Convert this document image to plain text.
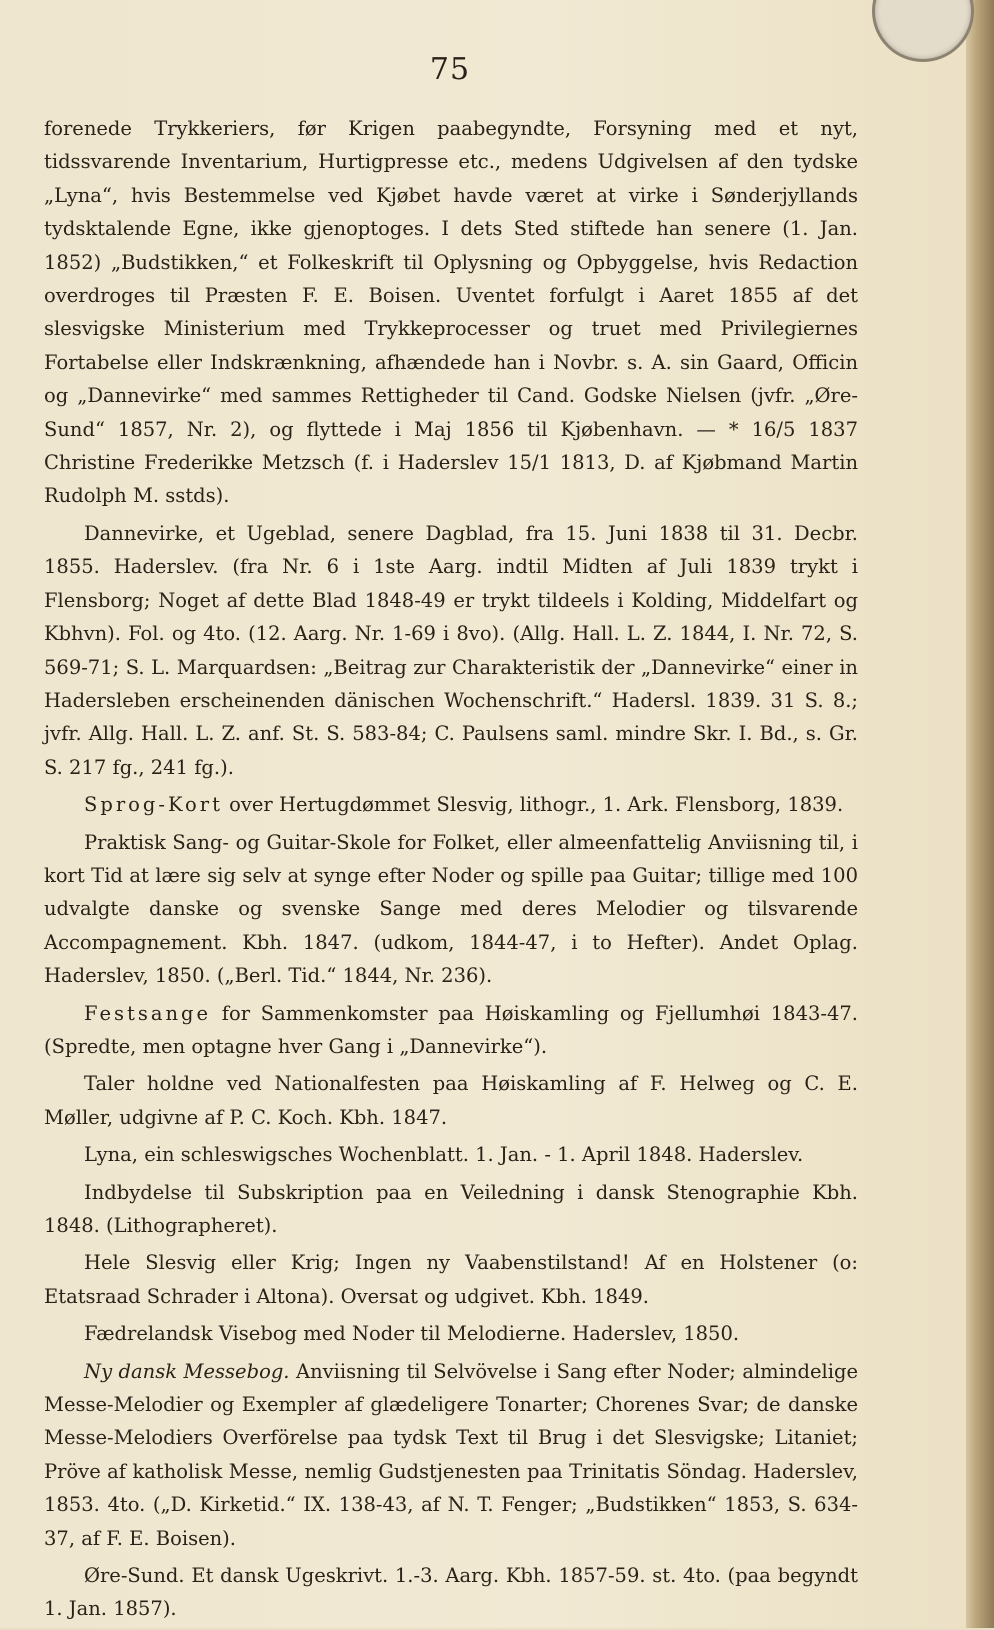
75

forenede Trykkeriers, før Krigen paabegyndte, Forsyning med et nyt, tidssvarende Inventarium, Hurtigpresse etc., medens Udgivelsen af den tydske „Lyna“, hvis Bestemmelse ved Kjøbet havde været at virke i Sønderjyllands tydsktalende Egne, ikke gjenoptoges. I dets Sted stiftede han senere (1. Jan. 1852) „Budstikken,“ et Folkeskrift til Oplysning og Opbyggelse, hvis Redaction overdroges til Præsten F. E. Boisen. Uventet forfulgt i Aaret 1855 af det slesvigske Ministerium med Trykkeprocesser og truet med Privilegiernes Fortabelse eller Indskrænkning, afhændede han i Novbr. s. A. sin Gaard, Officin og „Dannevirke“ med sammes Rettigheder til Cand. Godske Nielsen (jvfr. „Øre-Sund“ 1857, Nr. 2), og flyttede i Maj 1856 til Kjøbenhavn. — * 16/5 1837 Christine Frederikke Metzsch (f. i Haderslev 15/1 1813, D. af Kjøbmand Martin Rudolph M. sstds).

Dannevirke, et Ugeblad, senere Dagblad, fra 15. Juni 1838 til 31. Decbr. 1855. Haderslev. (fra Nr. 6 i 1ste Aarg. indtil Midten af Juli 1839 trykt i Flensborg; Noget af dette Blad 1848-49 er trykt tildeels i Kolding, Middelfart og Kbhvn). Fol. og 4to. (12. Aarg. Nr. 1-69 i 8vo). (Allg. Hall. L. Z. 1844, I. Nr. 72, S. 569-71; S. L. Marquardsen: „Beitrag zur Charakteristik der „Dannevirke“ einer in Hadersleben erscheinenden dänischen Wochenschrift.“ Hadersl. 1839. 31 S. 8.; jvfr. Allg. Hall. L. Z. anf. St. S. 583-84; C. Paulsens saml. mindre Skr. I. Bd., s. Gr. S. 217 fg., 241 fg.).

Sprog-Kort over Hertugdømmet Slesvig, lithogr., 1. Ark. Flensborg, 1839.

Praktisk Sang- og Guitar-Skole for Folket, eller almeenfattelig Anviisning til, i kort Tid at lære sig selv at synge efter Noder og spille paa Guitar; tillige med 100 udvalgte danske og svenske Sange med deres Melodier og tilsvarende Accompagnement. Kbh. 1847. (udkom, 1844-47, i to Hefter). Andet Oplag. Haderslev, 1850. („Berl. Tid.“ 1844, Nr. 236).

Festsange for Sammenkomster paa Høiskamling og Fjellumhøi 1843-47. (Spredte, men optagne hver Gang i „Dannevirke“).

Taler holdne ved Nationalfesten paa Høiskamling af F. Helweg og C. E. Møller, udgivne af P. C. Koch. Kbh. 1847.

Lyna, ein schleswigsches Wochenblatt. 1. Jan. - 1. April 1848. Haderslev.

Indbydelse til Subskription paa en Veiledning i dansk Stenographie Kbh. 1848. (Lithographeret).

Hele Slesvig eller Krig; Ingen ny Vaabenstilstand! Af en Holstener (o: Etatsraad Schrader i Altona). Oversat og udgivet. Kbh. 1849.

Fædrelandsk Visebog med Noder til Melodierne. Haderslev, 1850.

Ny dansk Messebog. Anviisning til Selvövelse i Sang efter Noder; almindelige Messe-Melodier og Exempler af glædeligere Tonarter; Chorenes Svar; de danske Messe-Melodiers Overförelse paa tydsk Text til Brug i det Slesvigske; Litaniet; Pröve af katholisk Messe, nemlig Gudstjenesten paa Trinitatis Söndag. Haderslev, 1853. 4to. („D. Kirketid.“ IX. 138-43, af N. T. Fenger; „Budstikken“ 1853, S. 634-37, af F. E. Boisen).

Øre-Sund. Et dansk Ugeskrivt. 1.-3. Aarg. Kbh. 1857-59. st. 4to. (paa begyndt 1. Jan. 1857).
